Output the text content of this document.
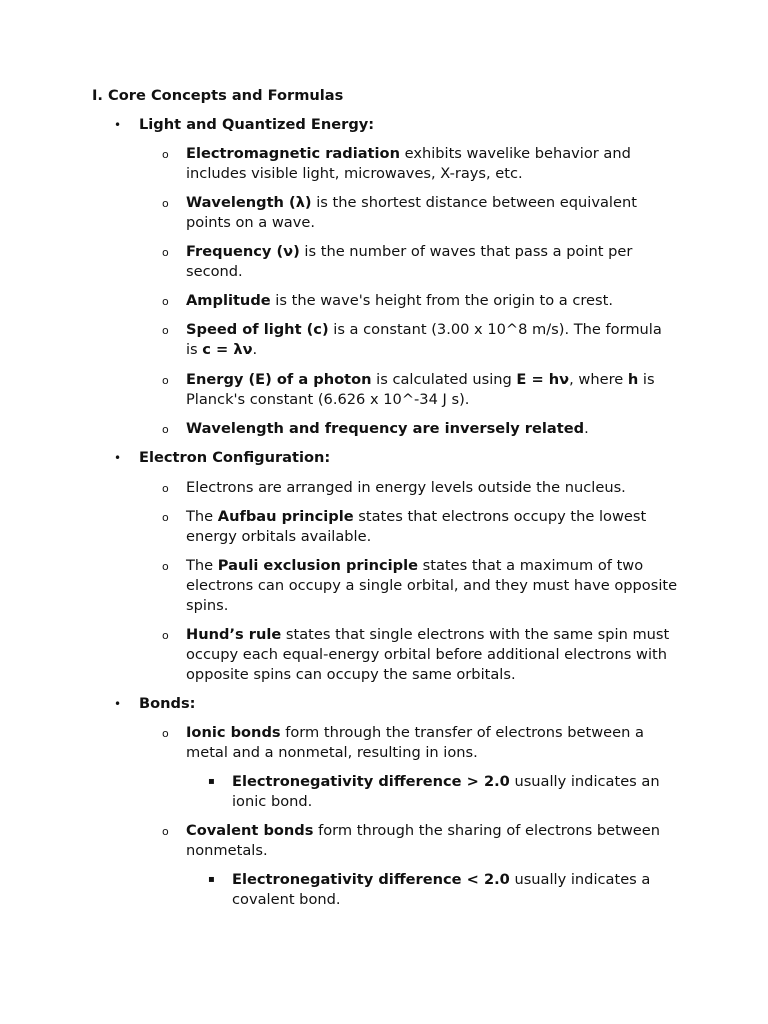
I. Core Concepts and Formulas
• Light and Quantized Energy:
o Electromagnetic radiation exhibits wavelike behavior and includes visible light, microwaves, X-rays, etc.
o Wavelength (λ) is the shortest distance between equivalent points on a wave.
o Frequency (ν) is the number of waves that pass a point per second.
o Amplitude is the wave's height from the origin to a crest.
o Speed of light (c) is a constant (3.00 x 10^8 m/s). The formula is c = λν.
o Energy (E) of a photon is calculated using E = hν, where h is Planck's constant (6.626 x 10^-34 J s).
o Wavelength and frequency are inversely related.
• Electron Configuration:
o Electrons are arranged in energy levels outside the nucleus.
o The Aufbau principle states that electrons occupy the lowest energy orbitals available.
o The Pauli exclusion principle states that a maximum of two electrons can occupy a single orbital, and they must have opposite spins.
o Hund’s rule states that single electrons with the same spin must occupy each equal-energy orbital before additional electrons with opposite spins can occupy the same orbitals.
• Bonds:
o Ionic bonds form through the transfer of electrons between a metal and a nonmetal, resulting in ions.
▪ Electronegativity difference > 2.0 usually indicates an ionic bond.
o Covalent bonds form through the sharing of electrons between nonmetals.
▪ Electronegativity difference < 2.0 usually indicates a covalent bond.
